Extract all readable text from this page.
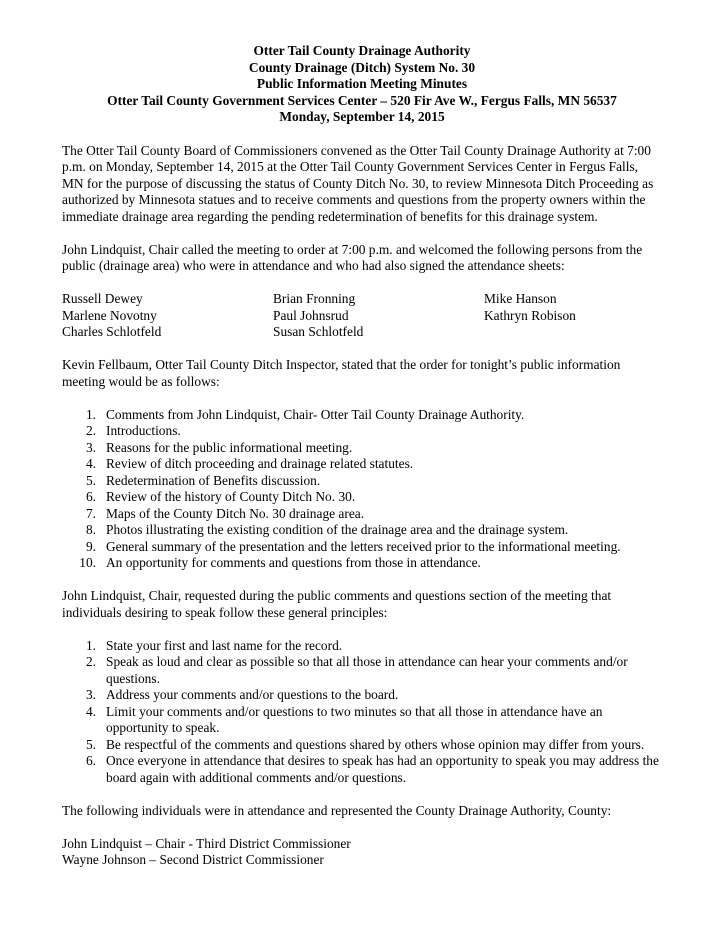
Otter Tail County Drainage Authority
County Drainage (Ditch) System No. 30
Public Information Meeting Minutes
Otter Tail County Government Services Center – 520 Fir Ave W., Fergus Falls, MN 56537
Monday, September 14, 2015

The Otter Tail County Board of Commissioners convened as the Otter Tail County Drainage Authority at 7:00 p.m. on Monday, September 14, 2015 at the Otter Tail County Government Services Center in Fergus Falls, MN for the purpose of discussing the status of County Ditch No. 30, to review Minnesota Ditch Proceeding as authorized by Minnesota statues and to receive comments and questions from the property owners within the immediate drainage area regarding the pending redetermination of benefits for this drainage system.

John Lindquist, Chair called the meeting to order at 7:00 p.m. and welcomed the following persons from the public (drainage area) who were in attendance and who had also signed the attendance sheets:

Russell Dewey	Brian Fronning	Mike Hanson
Marlene Novotny	Paul Johnsrud	Kathryn Robison
Charles Schlotfeld	Susan Schlotfeld

Kevin Fellbaum, Otter Tail County Ditch Inspector, stated that the order for tonight’s public information meeting would be as follows:

1. Comments from John Lindquist, Chair- Otter Tail County Drainage Authority.
2. Introductions.
3. Reasons for the public informational meeting.
4. Review of ditch proceeding and drainage related statutes.
5. Redetermination of Benefits discussion.
6. Review of the history of County Ditch No. 30.
7. Maps of the County Ditch No. 30 drainage area.
8. Photos illustrating the existing condition of the drainage area and the drainage system.
9. General summary of the presentation and the letters received prior to the informational meeting.
10. An opportunity for comments and questions from those in attendance.

John Lindquist, Chair, requested during the public comments and questions section of the meeting that individuals desiring to speak follow these general principles:

1. State your first and last name for the record.
2. Speak as loud and clear as possible so that all those in attendance can hear your comments and/or questions.
3. Address your comments and/or questions to the board.
4. Limit your comments and/or questions to two minutes so that all those in attendance have an opportunity to speak.
5. Be respectful of the comments and questions shared by others whose opinion may differ from yours.
6. Once everyone in attendance that desires to speak has had an opportunity to speak you may address the board again with additional comments and/or questions.

The following individuals were in attendance and represented the County Drainage Authority, County:

John Lindquist – Chair - Third District Commissioner
Wayne Johnson – Second District Commissioner
